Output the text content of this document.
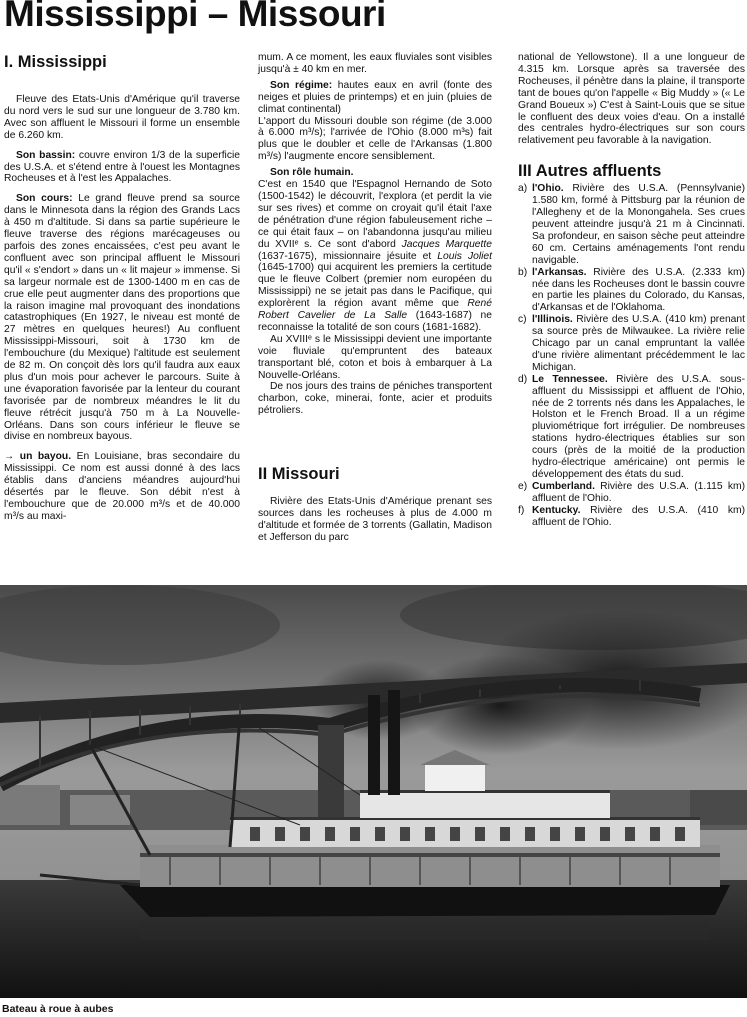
Mississippi – Missouri
I. Mississippi

Fleuve des Etats-Unis d'Amérique qu'il traverse du nord vers le sud sur une longueur de 3.780 km. Avec son affluent le Missouri il forme un ensemble de 6.260 km.

Son bassin: couvre environ 1/3 de la superficie des U.S.A. et s'étend entre à l'ouest les Montagnes Rocheuses et à l'est les Appalaches.

Son cours: Le grand fleuve prend sa source dans le Minnesota dans la région des Grands Lacs à 450 m d'altitude. Si dans sa partie supérieure le fleuve traverse des régions marécageuses ou parfois des zones encaissées, c'est peu avant le confluent avec son principal affluent le Missouri qu'il « s'endort » dans un « lit majeur » immense. Si sa largeur normale est de 1300-1400 m en cas de crue elle peut augmenter dans des proportions que la raison imagine mal provoquant des inondations catastrophiques (En 1927, le niveau est monté de 27 mètres en quelques heures!) Au confluent Mississippi-Missouri, soit à 1730 km de l'embouchure (du Mexique) l'altitude est seulement de 82 m. On conçoit dès lors qu'il faudra aux eaux plus d'un mois pour achever le parcours. Suite à une évaporation favorisée par la lenteur du courant favorisée par de nombreux méandres le lit du fleuve rétrécit jusqu'à 750 m à La Nouvelle-Orléans. Dans son cours inférieur le fleuve se divise en nombreux bayous.

→ un bayou. En Louisiane, bras secondaire du Mississippi. Ce nom est aussi donné à des lacs établis dans d'anciens méandres aujourd'hui désertés par le fleuve. Son débit n'est à l'embouchure que de 20.000 m³/s et de 40.000 m³/s au maxi-

mum. A ce moment, les eaux fluviales sont visibles jusqu'à ± 40 km en mer.

Son régime: hautes eaux en avril (fonte des neiges et pluies de printemps) et en juin (pluies de climat continental)

L'apport du Missouri double son régime (de 3.000 à 6.000 m³/s); l'arrivée de l'Ohio (8.000 m³s) fait plus que le doubler et celle de l'Arkansas (1.800 m³/s) l'augmente encore sensiblement.

Son rôle humain.

C'est en 1540 que l'Espagnol Hernando de Soto (1500-1542) le découvrit, l'explora (et perdit la vie sur ses rives) et comme on croyait qu'il était l'axe de pénétration d'une région fabuleusement riche – ce qui était faux – on l'abandonna jusqu'au milieu du XVIIᵉ s. Ce sont d'abord Jacques Marquette (1637-1675), missionnaire jésuite et Louis Joliet (1645-1700) qui acquirent les premiers la certitude que le fleuve Colbert (premier nom européen du Mississippi) ne se jetait pas dans le Pacifique, qui explorèrent la région avant même que René Robert Cavelier de La Salle (1643-1687) ne reconnaisse la totalité de son cours (1681-1682).

Au XVIIIᵉ s le Mississippi devient une importante voie fluviale qu'empruntent des bateaux transportant blé, coton et bois à embarquer à La Nouvelle-Orléans.

De nos jours des trains de péniches transportent charbon, coke, minerai, fonte, acier et produits pétroliers.

II Missouri

Rivière des Etats-Unis d'Amérique prenant ses sources dans les rocheuses à plus de 4.000 m d'altitude et formée de 3 torrents (Gallatin, Madison et Jefferson du parc

national de Yellowstone). Il a une longueur de 4.315 km. Lorsque après sa traversée des Rocheuses, il pénètre dans la plaine, il transporte tant de boues qu'on l'appelle « Big Muddy » (« Le Grand Boueux ») C'est à Saint-Louis que se situe le confluent des deux voies d'eau. On a installé des centrales hydro-électriques sur son cours relativement peu favorable à la navigation.

III Autres affluents
a) l'Ohio. Rivière des U.S.A. (Pennsylvanie) 1.580 km, formé à Pittsburg par la réunion de l'Allegheny et de la Monongahela. Ses crues peuvent atteindre jusqu'à 21 m à Cincinnati. Sa profondeur, en saison sèche peut atteindre 60 cm. Certains aménagements l'ont rendu navigable.
b) l'Arkansas. Rivière des U.S.A. (2.333 km) née dans les Rocheuses dont le bassin couvre en partie les plaines du Colorado, du Kansas, d'Arkansas et de l'Oklahoma.
c) l'Illinois. Rivière des U.S.A. (410 km) prenant sa source près de Milwaukee. La rivière relie Chicago par un canal empruntant la vallée d'une rivière alimentant précédemment le lac Michigan.
d) Le Tennessee. Rivière des U.S.A. sous-affluent du Mississippi et affluent de l'Ohio, née de 2 torrents nés dans les Appalaches, le Holston et le French Broad. Il a un régime pluviométrique fort irrégulier. De nombreuses stations hydro-électriques établies sur son cours (près de la moitié de la production hydro-électrique américaine) ont permis le développement des états du sud.
e) Cumberland. Rivière des U.S.A. (1.115 km) affluent de l'Ohio.
f) Kentucky. Rivière des U.S.A. (410 km) affluent de l'Ohio.
Bateau à roue à aubes
